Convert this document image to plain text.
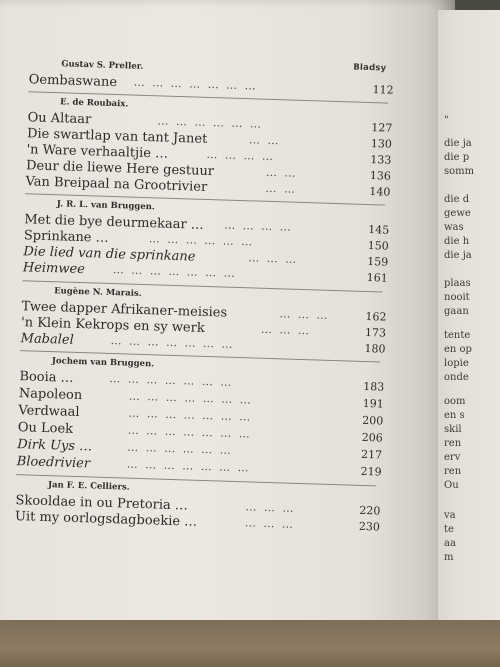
"
die ja
die p
somm
die d
gewe
was
die h
die ja
plaas
nooit
gaan
tente
en op
lopie
onde
oom
en s
skil
ren
erv
ren
Ou
va
te
aa
m
Bladsy
Gustav S. Preller.
Oembaswane … … … … … … …	112
E. de Roubaix.
Ou Altaar	… … … … … …	127
Die swartlap van tant Janet	… …	130
'n Ware verhaaltjie …	… … … …	133
Deur die liewe Here gestuur	… …	136
Van Breipaal na Grootrivier	… …	140
J. R. L. van Bruggen.
Met die bye deurmekaar … … … … …	145
Sprinkane …	… … … … … …	150
Die lied van die sprinkane	… … …	159
Heimwee	… … … … … … …	161
Eugène N. Marais.
Twee dapper Afrikaner-meisies	… … …	162
'n Klein Kekrops en sy werk	… … …	173
Mabalel	… … … … … … …	180
Jochem van Bruggen.
Booia …	… … … … … … …	183
Napoleon	… … … … … … …	191
Verdwaal	… … … … … … …	200
Ou Loek	… … … … … … …	206
Dirk Uys …	… … … … … …	217
Bloedrivier	… … … … … … …	219
Jan F. E. Celliers.
Skooldae in ou Pretoria …	… … …	220
Uit my oorlogsdagboekie …	… … …	230
